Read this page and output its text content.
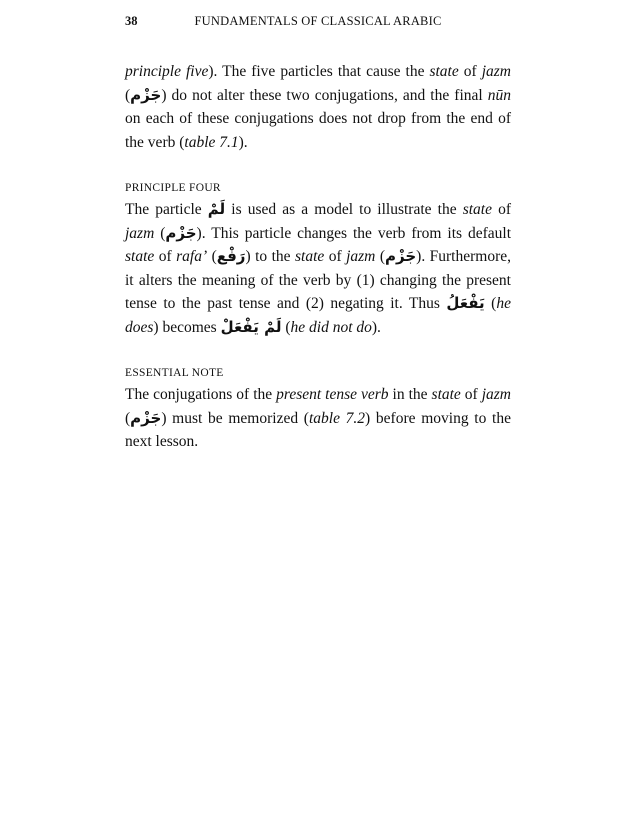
38	FUNDAMENTALS OF CLASSICAL ARABIC

principle five). The five particles that cause the state of jazm (جَزْم) do not alter these two conjugations, and the final nūn on each of these conjugations does not drop from the end of the verb (table 7.1).

PRINCIPLE FOUR

The particle لَمْ is used as a model to illustrate the state of jazm (جَزْم). This particle changes the verb from its default state of rafa’ (رَفْع) to the state of jazm (جَزْم). Furthermore, it alters the meaning of the verb by (1) changing the present tense to the past tense and (2) negating it. Thus يَفْعَلُ (he does) becomes لَمْ يَفْعَلْ (he did not do).

ESSENTIAL NOTE

The conjugations of the present tense verb in the state of jazm (جَزْم) must be memorized (table 7.2) before moving to the next lesson.
